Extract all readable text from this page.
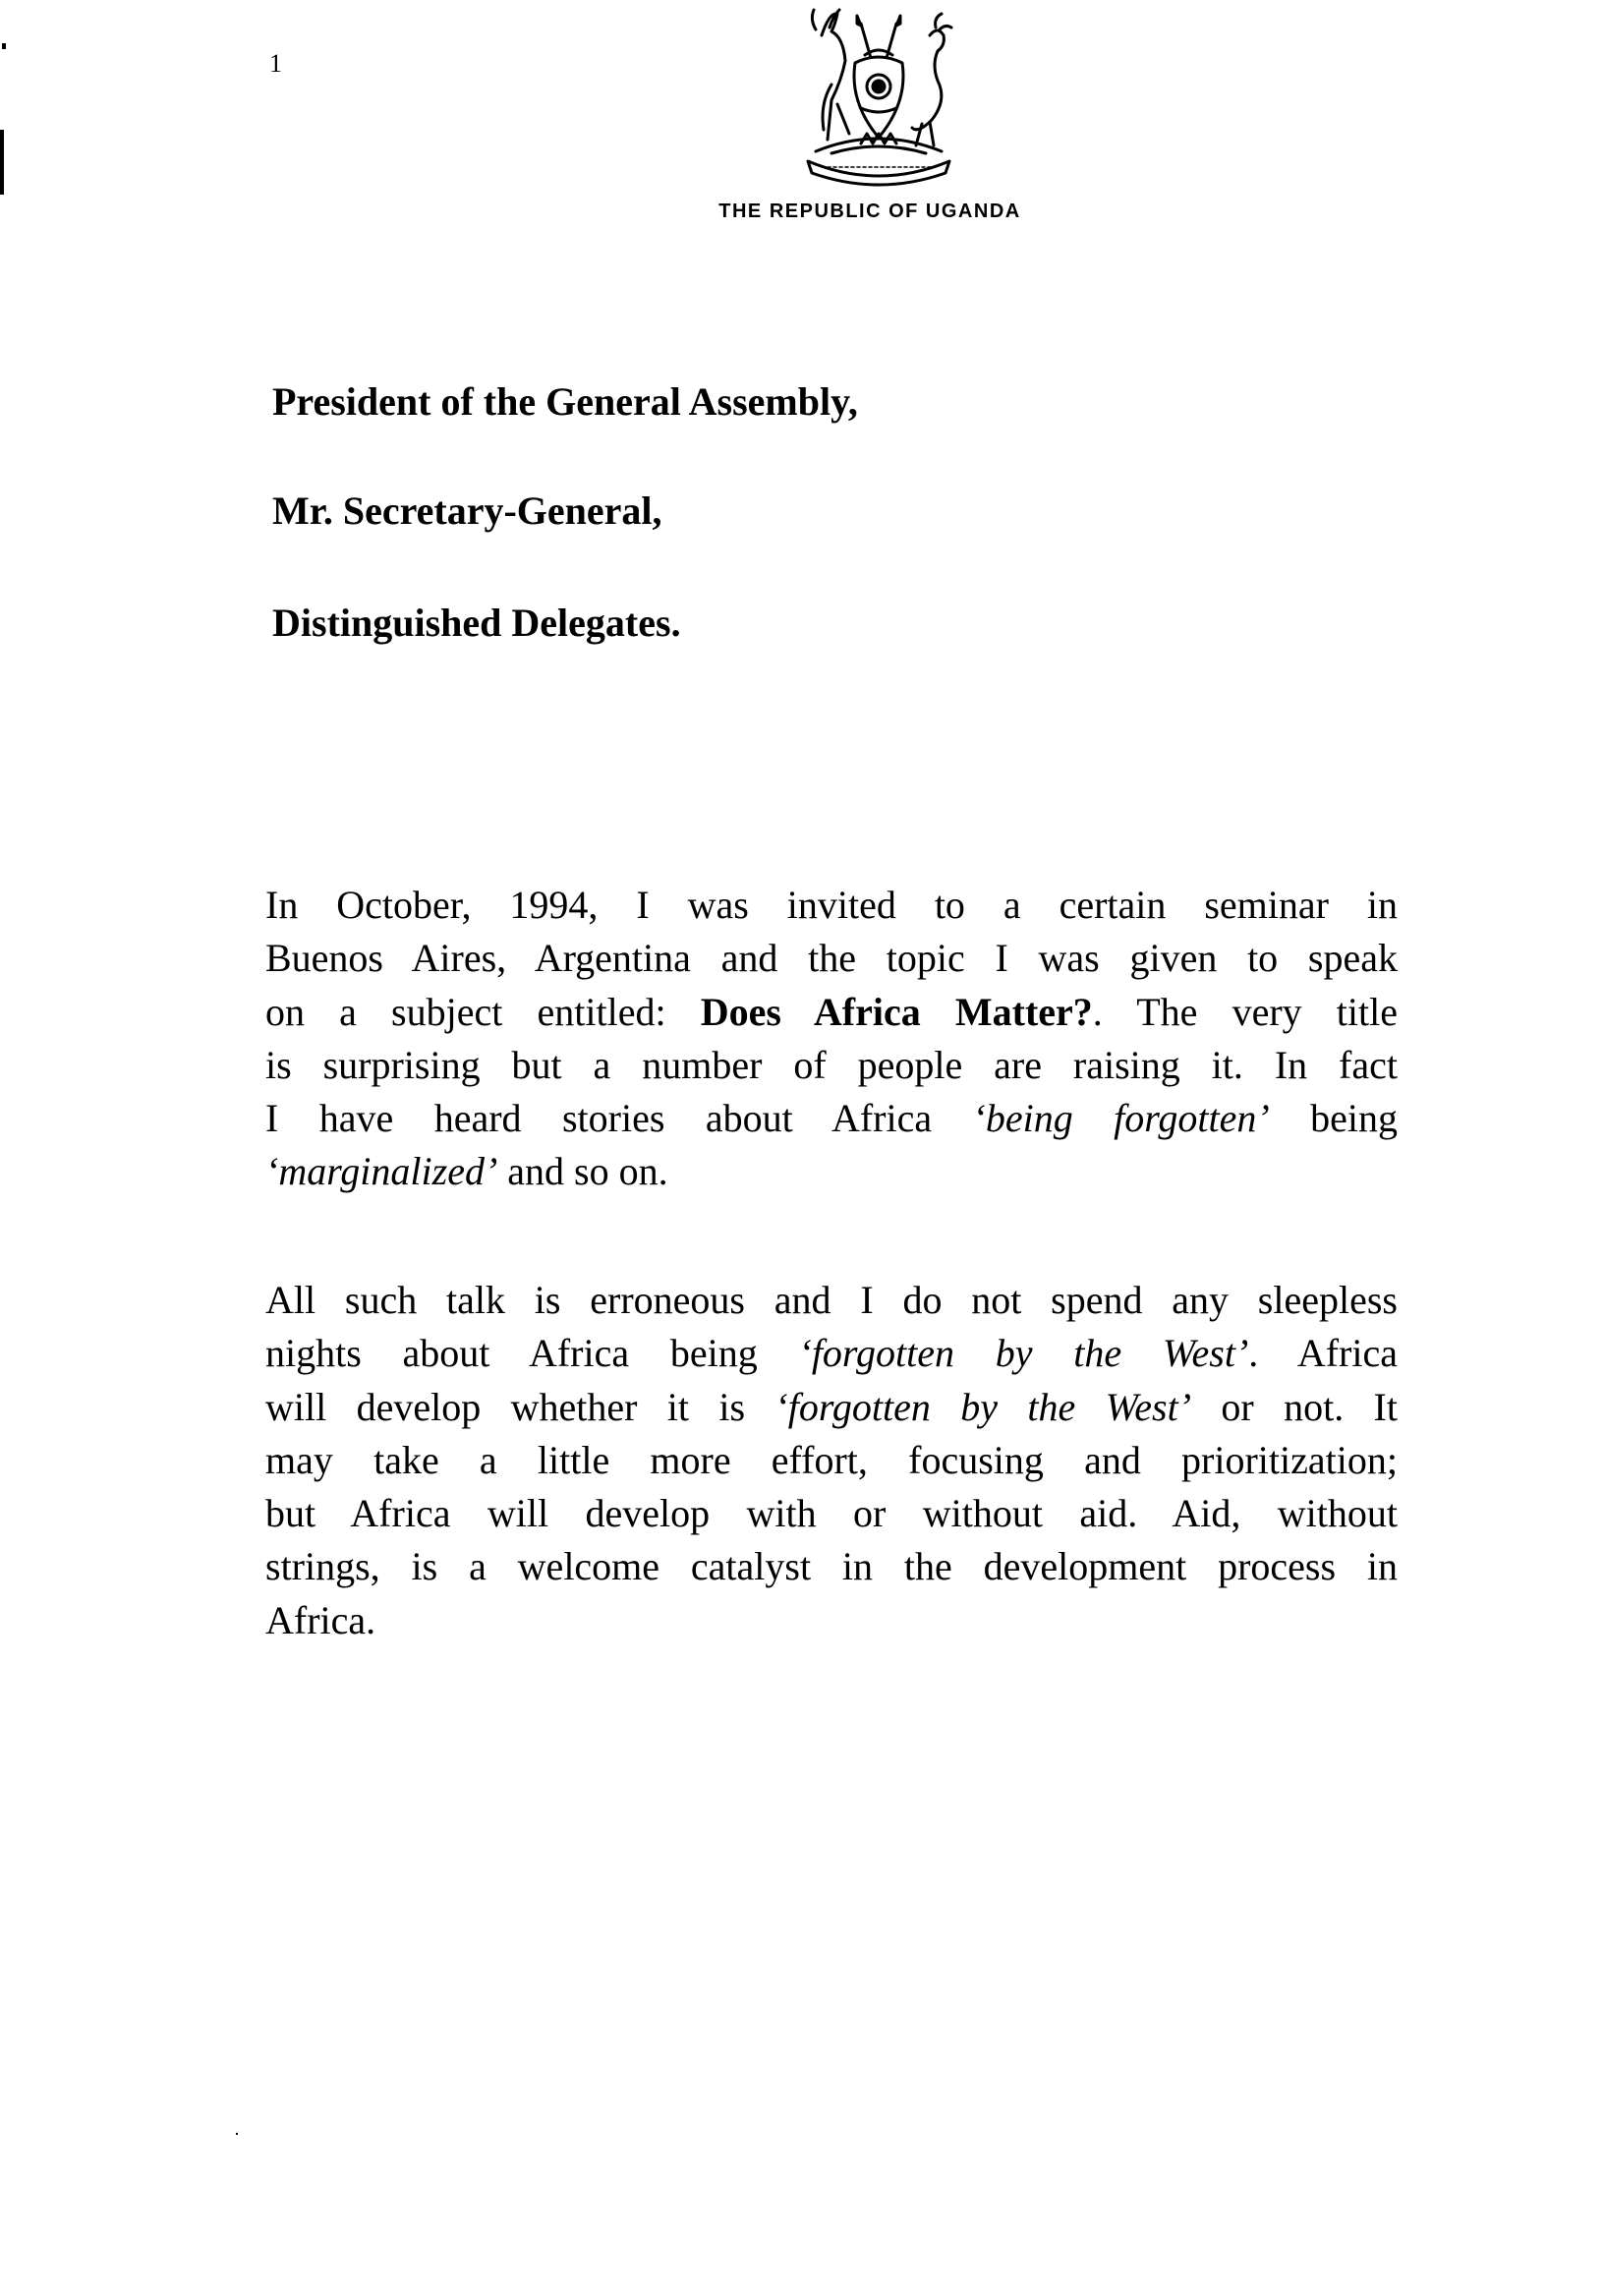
1
THE REPUBLIC OF UGANDA
President of the General Assembly,
Mr. Secretary-General,
Distinguished Delegates.
In October, 1994, I was invited to a certain seminar in
Buenos Aires, Argentina and the topic I was given to speak
on a subject entitled: Does Africa Matter?. The very title
is surprising but a number of people are raising it. In fact
I have heard stories about Africa ‘being forgotten’ being
‘marginalized’ and so on.
All such talk is erroneous and I do not spend any sleepless
nights about Africa being ‘forgotten by the West’. Africa
will develop whether it is ‘forgotten by the West’ or not. It
may take a little more effort, focusing and prioritization;
but Africa will develop with or without aid. Aid, without
strings, is a welcome catalyst in the development process in
Africa.
